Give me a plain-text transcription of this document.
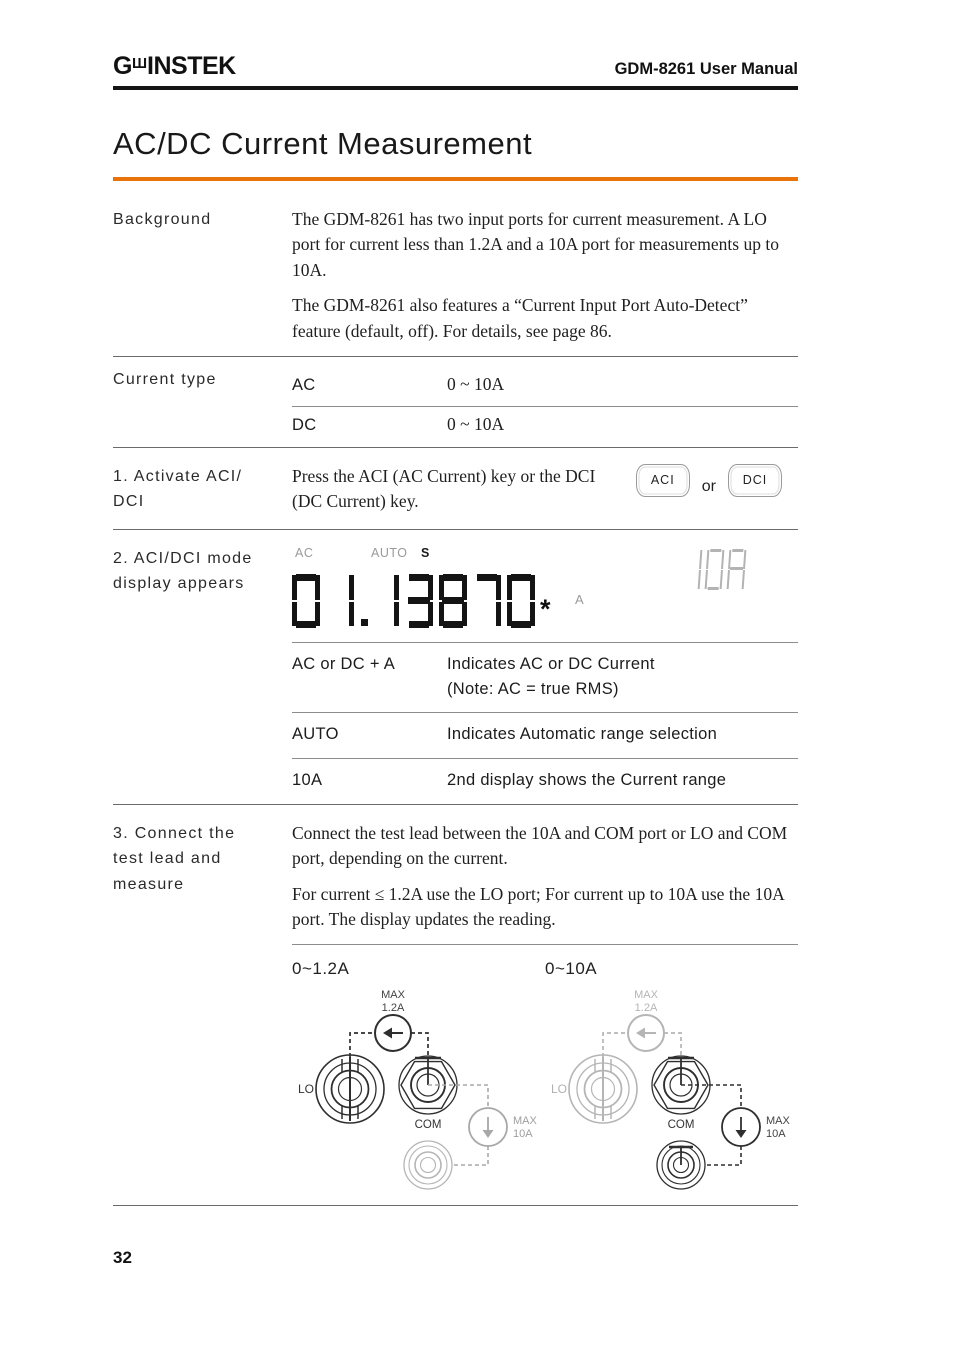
$G^ШINSTEK$	GDM-8261 User Manual
AC/DC Current Measurement
Background	The GDM-8261 has two input ports for current measurement. A LO port for current less than 1.2A and a 10A port for measurements up to 10A.

The GDM-8261 also features a “Current Input Port Auto-Detect” feature (default, off). For details, see page 86.

Current type	AC	0 ~ 10A
DC	0 ~ 10A
1. Activate ACI/
DCI

Press the ACI (AC Current) key or the DCI (DC Current) key.

ACI	or	DCI
2. ACI/DCI mode
display appears
AC	AUTO S
* A
AC or DC + A	Indicates AC or DC Current
(Note: AC = true RMS)
AUTO	Indicates Automatic range selection
10A	2nd display shows the Current range
3. Connect the
test lead and
measure

Connect the test lead between the 10A and COM port or LO and COM port, depending on the current.

For current ≤ 1.2A use the LO port; For current up to 10A use the 10A port. The display updates the reading.

0~1.2A
MAX
1.2A
LO
COM	MAX
10A
0~10A
MAX
1.2A
LO
COM	MAX
10A
32
